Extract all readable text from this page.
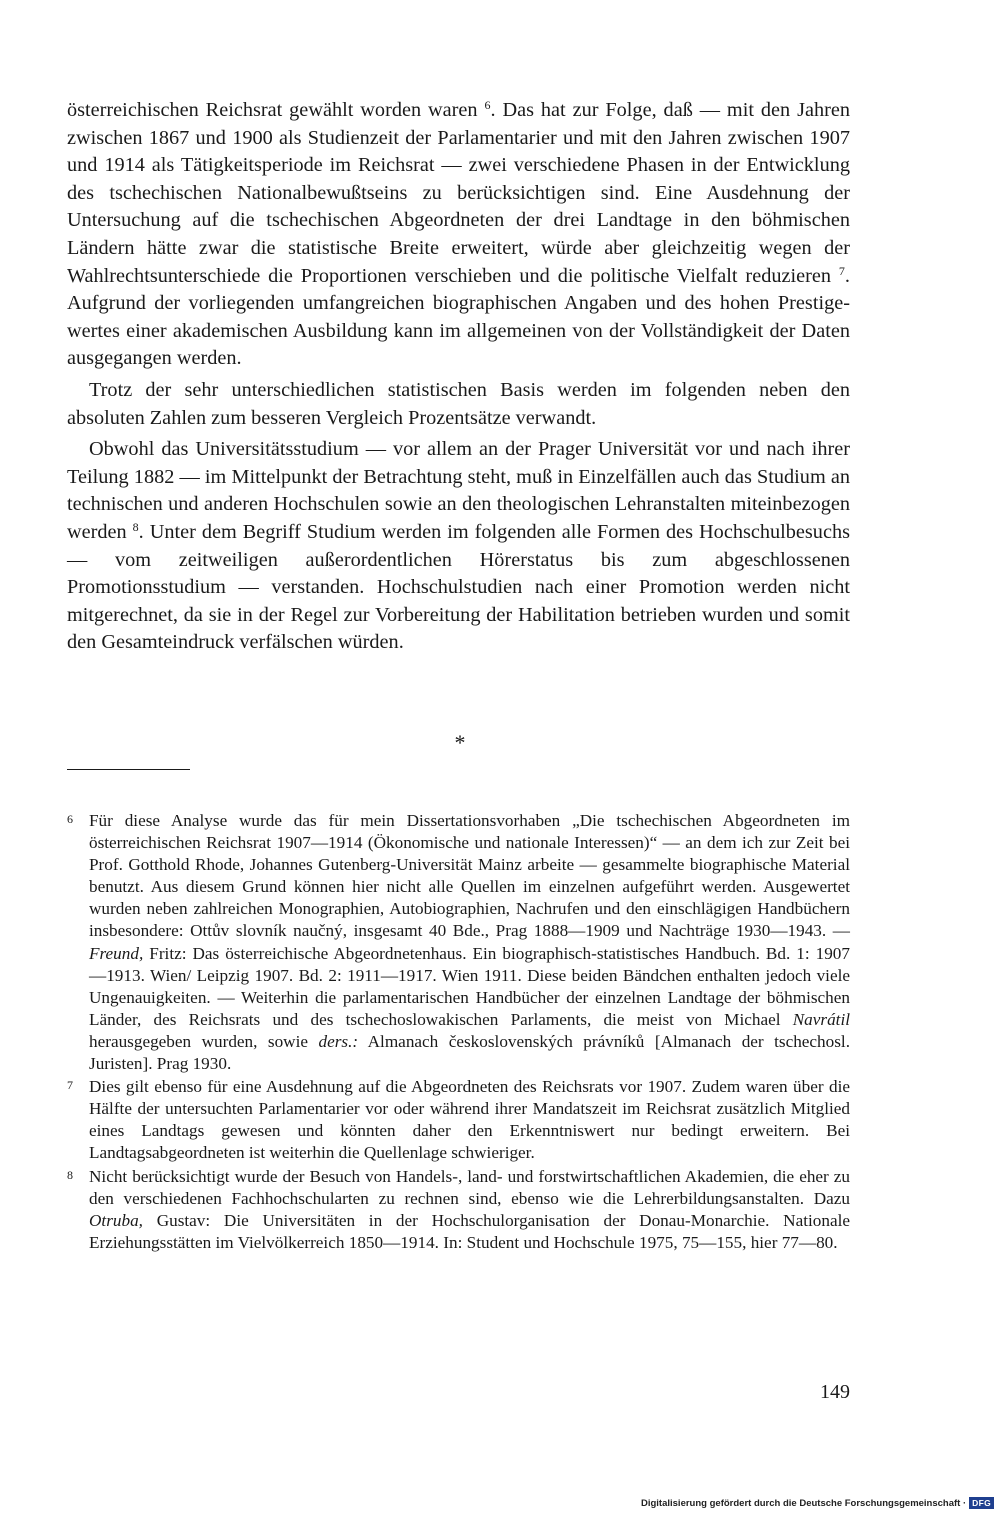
österreichischen Reichsrat gewählt worden waren $^6$. Das hat zur Folge, daß — mit den Jahren zwischen 1867 und 1900 als Studienzeit der Parlamentarier und mit den Jahren zwischen 1907 und 1914 als Tätigkeitsperiode im Reichsrat — zwei verschiedene Phasen in der Entwicklung des tschechischen Nationalbewußtseins zu berücksichtigen sind. Eine Ausdehnung der Untersuchung auf die tschechischen Abgeordneten der drei Landtage in den böhmischen Ländern hätte zwar die statistische Breite erweitert, würde aber gleichzeitig wegen der Wahlrechtsunterschiede die Proportionen verschieben und die politische Vielfalt reduzieren $^7$. Aufgrund der vorliegenden umfangreichen biographischen Angaben und des hohen Prestigewertes einer akademischen Ausbildung kann im allgemeinen von der Vollständigkeit der Daten ausgegangen werden.

Trotz der sehr unterschiedlichen statistischen Basis werden im folgenden neben den absoluten Zahlen zum besseren Vergleich Prozentsätze verwandt.

Obwohl das Universitätsstudium — vor allem an der Prager Universität vor und nach ihrer Teilung 1882 — im Mittelpunkt der Betrachtung steht, muß in Einzelfällen auch das Studium an technischen und anderen Hochschulen sowie an den theologischen Lehranstalten miteinbezogen werden $^8$. Unter dem Begriff Studium werden im folgenden alle Formen des Hochschulbesuchs — vom zeitweiligen außerordentlichen Hörerstatus bis zum abgeschlossenen Promotionsstudium — verstanden. Hochschulstudien nach einer Promotion werden nicht mitgerechnet, da sie in der Regel zur Vorbereitung der Habilitation betrieben wurden und somit den Gesamteindruck verfälschen würden.

*
6 Für diese Analyse wurde das für mein Dissertationsvorhaben „Die tschechischen Abgeordneten im österreichischen Reichsrat 1907—1914 (Ökonomische und nationale Interessen)“ — an dem ich zur Zeit bei Prof. Gotthold Rhode, Johannes Gutenberg-Universität Mainz arbeite — gesammelte biographische Material benutzt. Aus diesem Grund können hier nicht alle Quellen im einzelnen aufgeführt werden. Ausgewertet wurden neben zahlreichen Monographien, Autobiographien, Nachrufen und den einschlägigen Handbüchern insbesondere: Ottův slovník naučný, insgesamt 40 Bde., Prag 1888—1909 und Nachträge 1930—1943. — Freund, Fritz: Das österreichische Abgeordnetenhaus. Ein biographisch-statistisches Handbuch. Bd. 1: 1907—1913. Wien/ Leipzig 1907. Bd. 2: 1911—1917. Wien 1911. Diese beiden Bändchen enthalten jedoch viele Ungenauigkeiten. — Weiterhin die parlamentarischen Handbücher der einzelnen Landtage der böhmischen Länder, des Reichsrats und des tschechoslowakischen Parlaments, die meist von Michael Navrátil herausgegeben wurden, sowie ders.: Almanach československých právníků [Almanach der tschechosl. Juristen]. Prag 1930.
7 Dies gilt ebenso für eine Ausdehnung auf die Abgeordneten des Reichsrats vor 1907. Zudem waren über die Hälfte der untersuchten Parlamentarier vor oder während ihrer Mandatszeit im Reichsrat zusätzlich Mitglied eines Landtags gewesen und könnten daher den Erkenntniswert nur bedingt erweitern. Bei Landtagsabgeordneten ist weiterhin die Quellenlage schwieriger.
8 Nicht berücksichtigt wurde der Besuch von Handels-, land- und forstwirtschaftlichen Akademien, die eher zu den verschiedenen Fachhochschularten zu rechnen sind, ebenso wie die Lehrerbildungsanstalten. Dazu Otruba, Gustav: Die Universitäten in der Hochschulorganisation der Donau-Monarchie. Nationale Erziehungsstätten im Vielvölkerreich 1850—1914. In: Student und Hochschule 1975, 75—155, hier 77—80.
149
Digitalisierung gefördert durch die Deutsche Forschungsgemeinschaft · DFG
